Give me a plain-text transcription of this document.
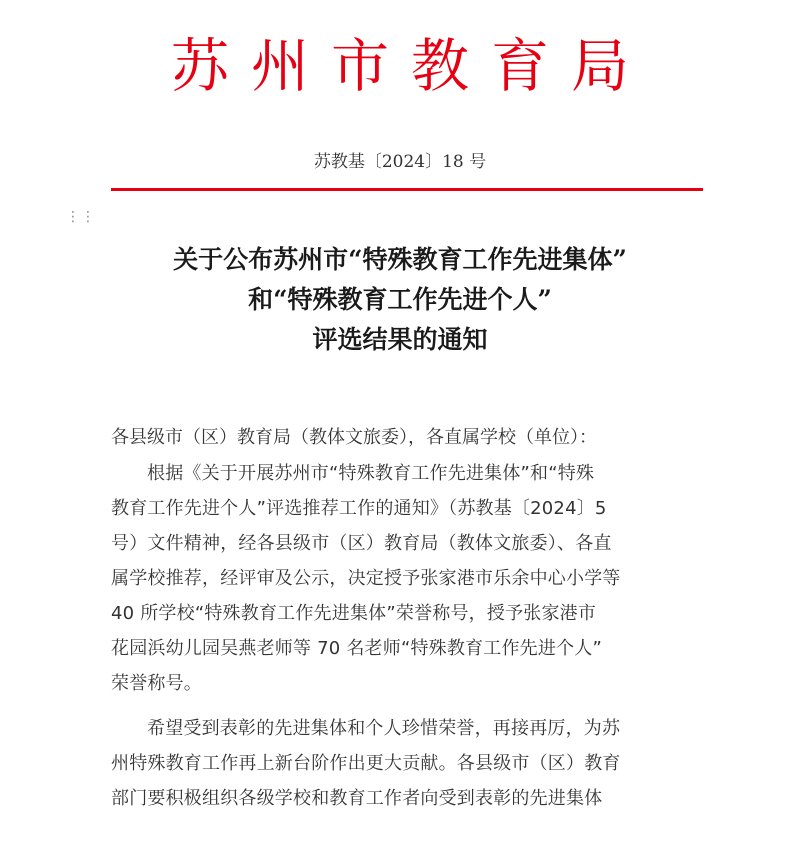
苏州市教育局
苏教基〔2024〕18 号
⋮⋮
关于公布苏州市“特殊教育工作先进集体”
和“特殊教育工作先进个人”
评选结果的通知
各县级市（区）教育局（教体文旅委），各直属学校（单位）：
根据《关于开展苏州市“特殊教育工作先进集体”和“特殊
教育工作先进个人”评选推荐工作的通知》（苏教基〔2024〕5
号）文件精神，经各县级市（区）教育局（教体文旅委）、各直
属学校推荐，经评审及公示，决定授予张家港市乐余中心小学等
40 所学校“特殊教育工作先进集体”荣誉称号，授予张家港市
花园浜幼儿园吴燕老师等 70 名老师“特殊教育工作先进个人”
荣誉称号。
希望受到表彰的先进集体和个人珍惜荣誉，再接再厉，为苏
州特殊教育工作再上新台阶作出更大贡献。各县级市（区）教育
部门要积极组织各级学校和教育工作者向受到表彰的先进集体
